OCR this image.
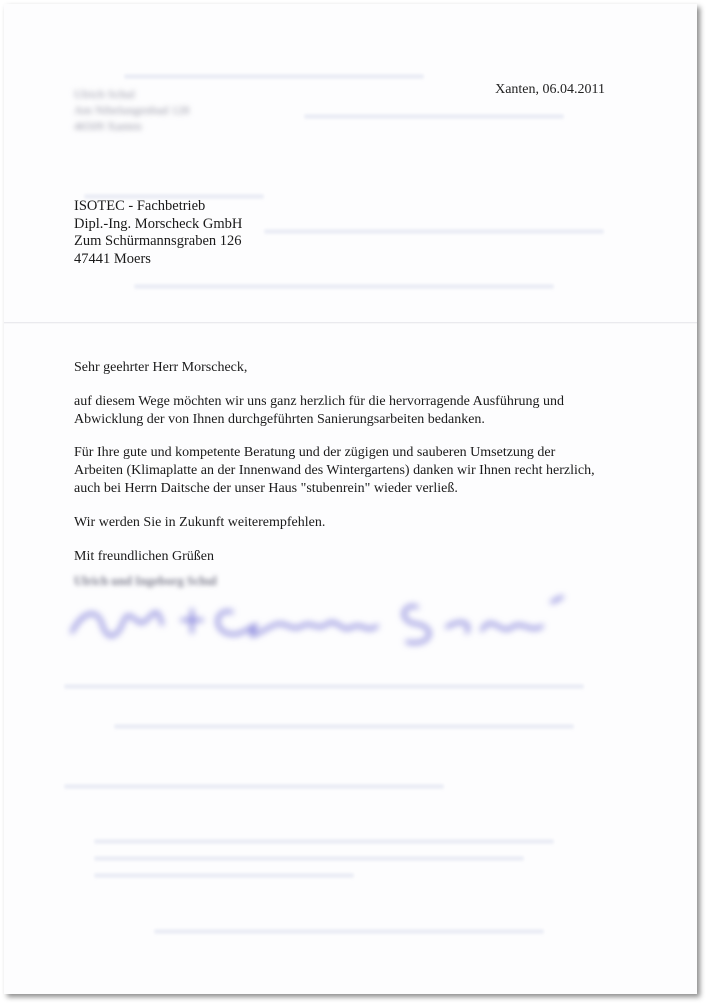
Ulrich Schul
Am Nibelungenbad 128
46509 Xanten
Xanten, 06.04.2011
ISOTEC - Fachbetrieb
Dipl.-Ing. Morscheck GmbH
Zum Schürmannsgraben 126
47441 Moers

Sehr geehrter Herr Morscheck,

auf diesem Wege möchten wir uns ganz herzlich für die hervorragende Ausführung und
Abwicklung der von Ihnen durchgeführten Sanierungsarbeiten bedanken.

Für Ihre gute und kompetente Beratung und der zügigen und sauberen Umsetzung der
Arbeiten (Klimaplatte an der Innenwand des Wintergartens) danken wir Ihnen recht herzlich,
auch bei Herrn Daitsche der unser Haus "stubenrein" wieder verließ.

Wir werden Sie in Zukunft weiterempfehlen.

Mit freundlichen Grüßen

Ulrich und Ingeborg Schul
